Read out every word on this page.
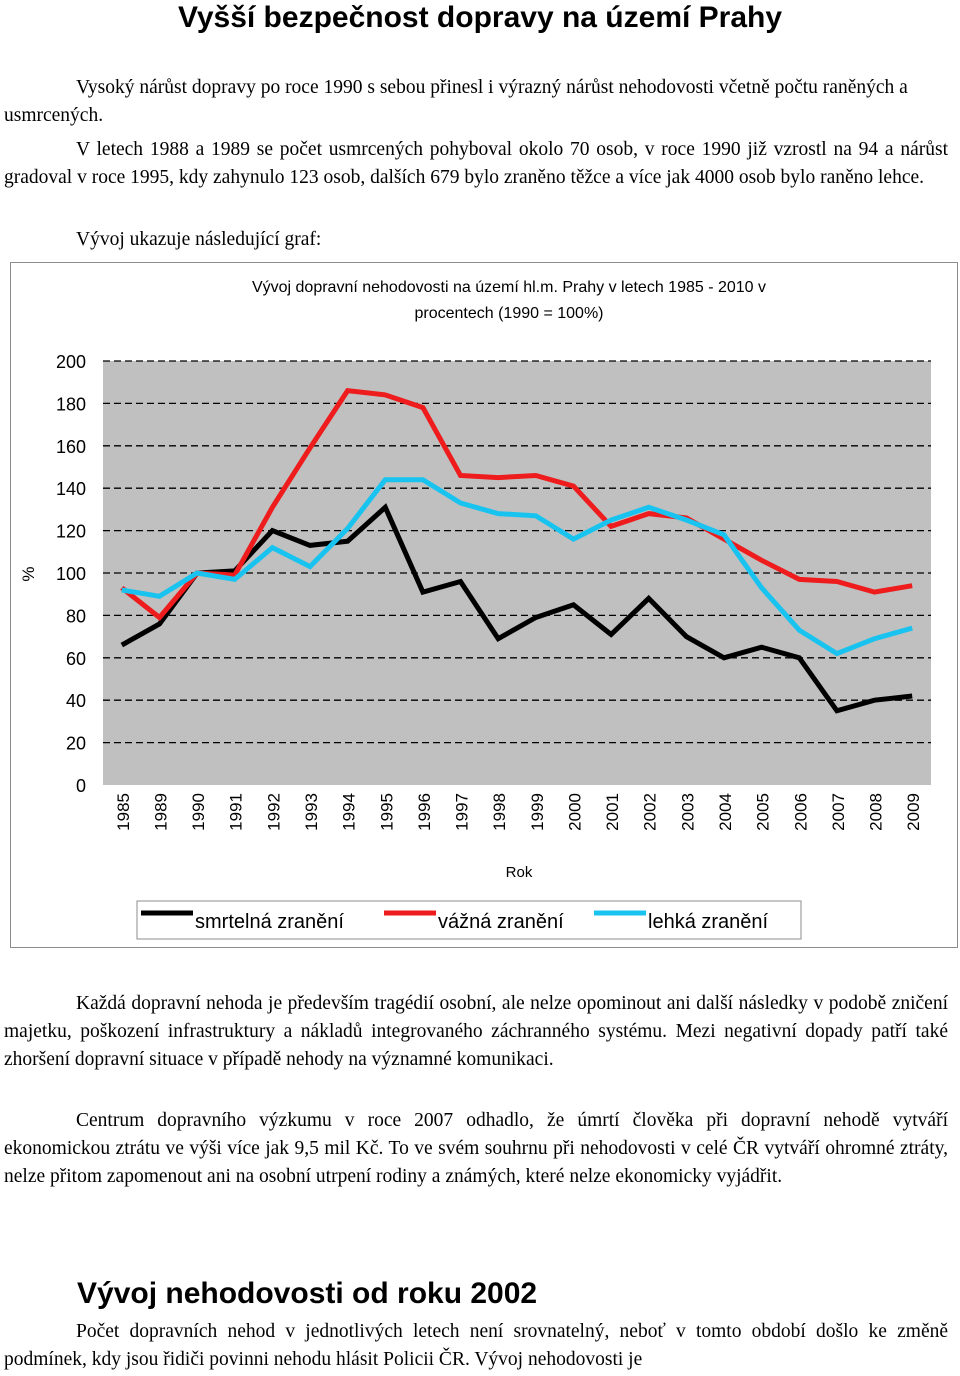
Vyšší bezpečnost dopravy na území Prahy
Vysoký nárůst dopravy po roce 1990 s sebou přinesl i výrazný nárůst nehodovosti včetně počtu raněných a usmrcených.
V letech 1988 a 1989 se počet usmrcených pohyboval okolo 70 osob, v roce 1990 již vzrostl na 94 a nárůst gradoval v roce 1995, kdy zahynulo 123 osob, dalších 679 bylo zraněno těžce a více jak 4000 osob bylo raněno lehce.
Vývoj ukazuje následující graf:
Vývoj dopravní nehodovosti na území hl.m. Prahy v letech 1985 - 2010 v
procentech (1990 = 100%)
0
20
40
60
80
100
120
140
160
180
200
%
1985 1989 1990 1991 1992 1993 1994 1995 1996 1997 1998 1999 2000 2001 2002 2003 2004 2005 2006 2007 2008 2009
Rok
smrtelná zranění	vážná zranění	lehká zranění
Každá dopravní nehoda je především tragédií osobní, ale nelze opominout ani další následky v podobě zničení majetku, poškození infrastruktury a nákladů integrovaného záchranného systému. Mezi negativní dopady patří také zhoršení dopravní situace v případě nehody na významné komunikaci.
Centrum dopravního výzkumu v roce 2007 odhadlo, že úmrtí člověka při dopravní nehodě vytváří ekonomickou ztrátu ve výši více jak 9,5 mil Kč. To ve svém souhrnu při nehodovosti v celé ČR vytváří ohromné ztráty, nelze přitom zapomenout ani na osobní utrpení rodiny a známých, které nelze ekonomicky vyjádřit.
Vývoj nehodovosti od roku 2002
Počet dopravních nehod v jednotlivých letech není srovnatelný, neboť v tomto období došlo ke změně podmínek, kdy jsou řidiči povinni nehodu hlásit Policii ČR. Vývoj nehodovosti je
